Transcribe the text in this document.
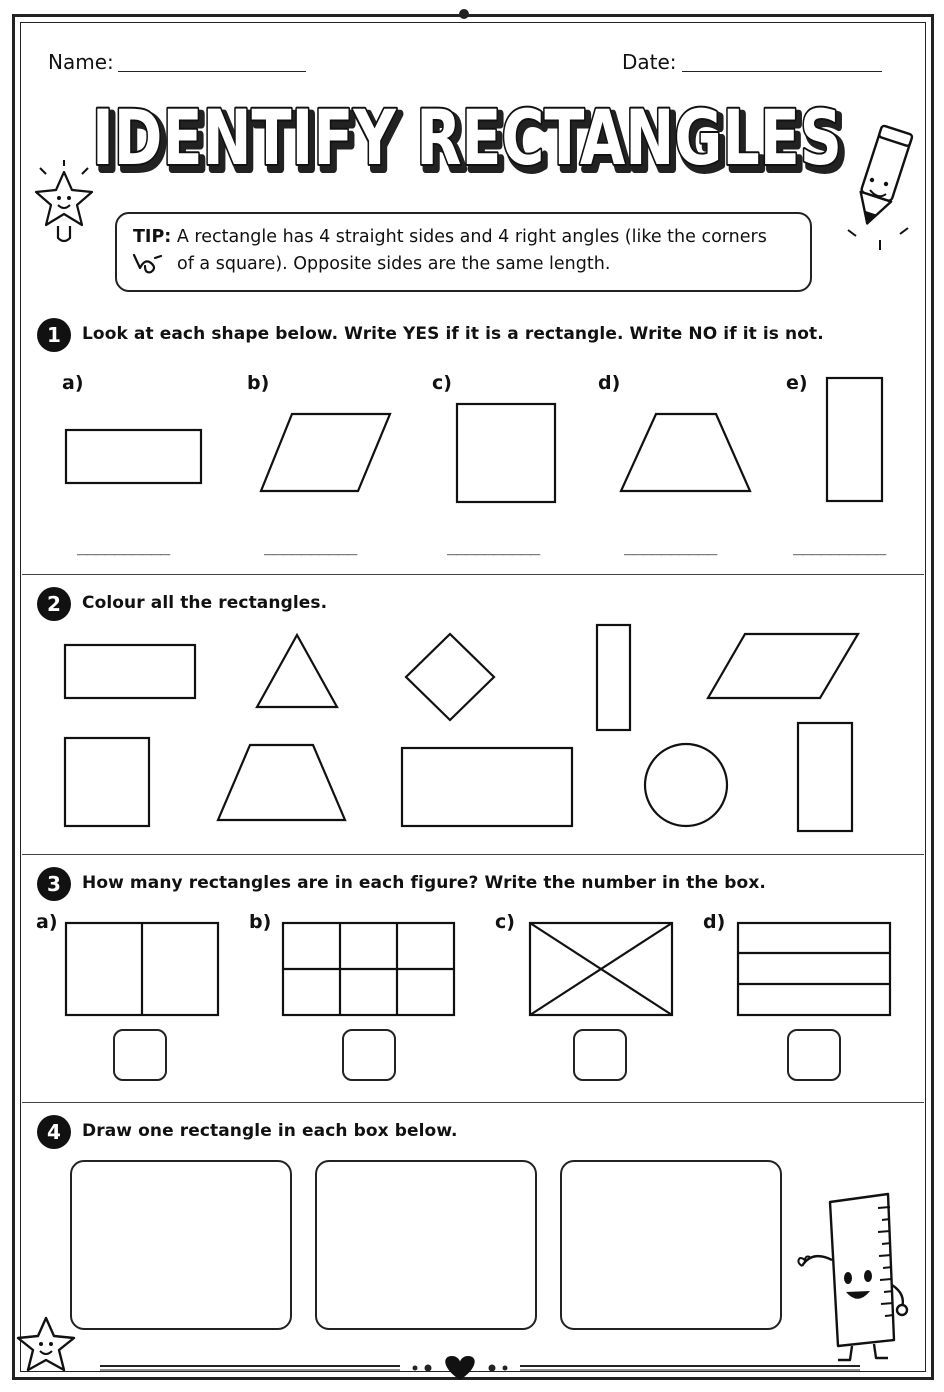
Name:	Date:
IDENTIFY RECTANGLES
IDENTIFY RECTANGLES
TIP: A rectangle has 4 straight sides and 4 right angles (like the corners
of a square). Opposite sides are the same length.
1	Look at each shape below. Write YES if it is a rectangle. Write NO if it is not.
a)	b)	c)	d)	e)
__________	__________	__________	__________	__________
2	Colour all the rectangles.
3	How many rectangles are in each figure? Write the number in the box.
a)	b)	c)	d)
4	Draw one rectangle in each box below.
